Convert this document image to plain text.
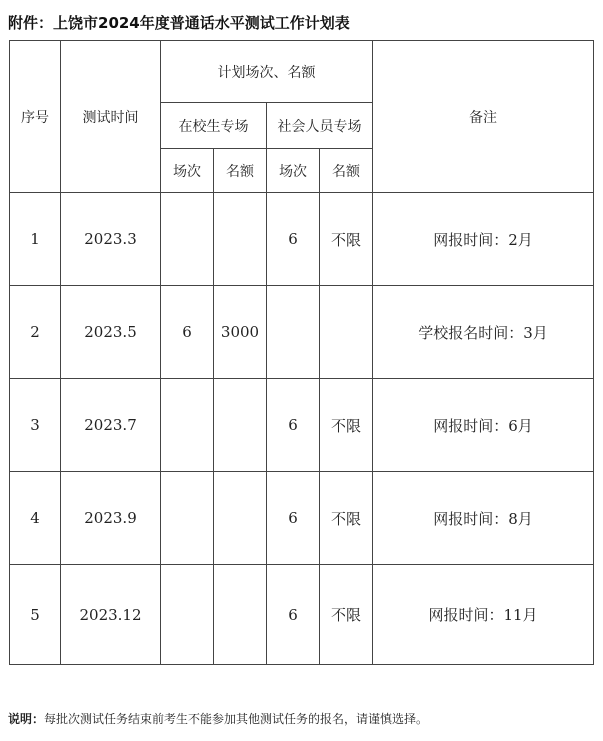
附件：上饶市2024年度普通话水平测试工作计划表
序号	测试时间	计划场次、名额				备注
		在校生专场		社会人员专场		
		场次	名额	场次	名额	
1	2023.3			6	不限	网报时间：2月
2	2023.5	6	3000			学校报名时间：3月
3	2023.7			6	不限	网报时间：6月
4	2023.9			6	不限	网报时间：8月
5	2023.12			6	不限	网报时间：11月
说明：每批次测试任务结束前考生不能参加其他测试任务的报名，请谨慎选择。
